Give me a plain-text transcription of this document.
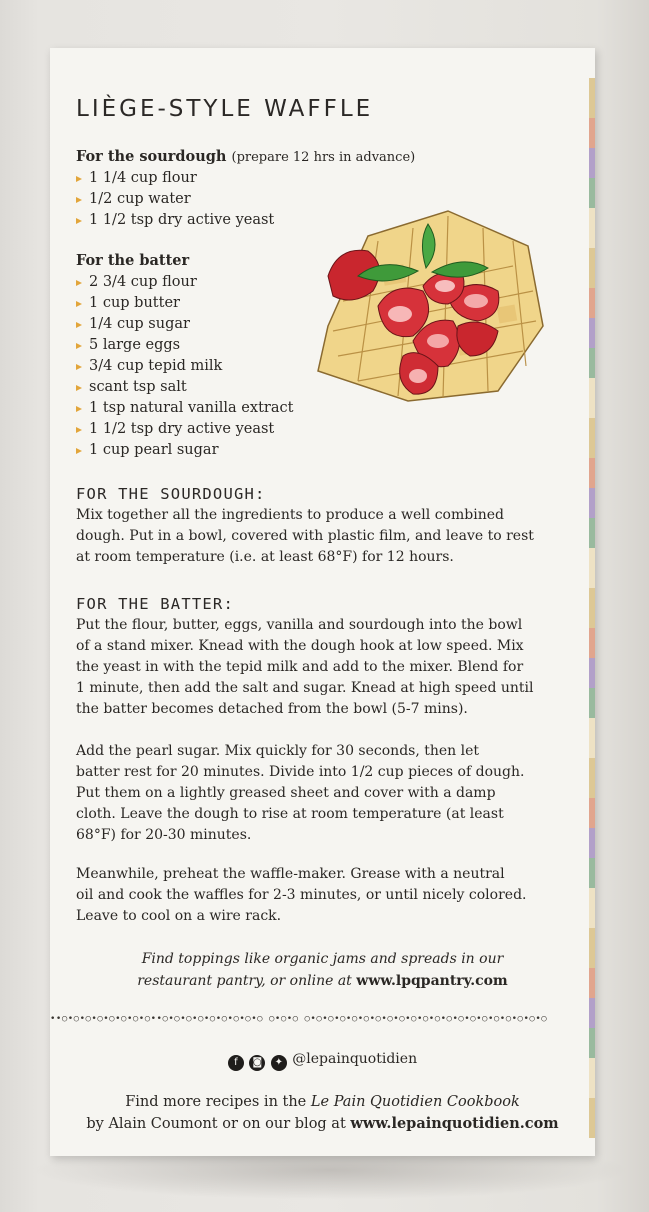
LIÈGE-STYLE WAFFLE
For the sourdough (prepare 12 hrs in advance)
1 1/4 cup flour
1/2 cup water
1 1/2 tsp dry active yeast
For the batter
2 3/4 cup flour
1 cup butter
1/4 cup sugar
5 large eggs
3/4 cup tepid milk
scant tsp salt
1 tsp natural vanilla extract
1 1/2 tsp dry active yeast
1 cup pearl sugar
FOR THE SOURDOUGH:

Mix together all the ingredients to produce a well combined
dough. Put in a bowl, covered with plastic film, and leave to rest
at room temperature (i.e. at least 68°F) for 12 hours.

FOR THE BATTER:

Put the flour, butter, eggs, vanilla and sourdough into the bowl
of a stand mixer. Knead with the dough hook at low speed. Mix
the yeast in with the tepid milk and add to the mixer. Blend for
1 minute, then add the salt and sugar. Knead at high speed until
the batter becomes detached from the bowl (5-7 mins).

Add the pearl sugar. Mix quickly for 30 seconds, then let
batter rest for 20 minutes. Divide into 1/2 cup pieces of dough.
Put them on a lightly greased sheet and cover with a damp
cloth. Leave the dough to rise at room temperature (at least
68°F) for 20-30 minutes.

Meanwhile, preheat the waffle-maker. Grease with a neutral
oil and cook the waffles for 2-3 minutes, or until nicely colored.
Leave to cool on a wire rack.

Find toppings like organic jams and spreads in our
restaurant pantry, or online at www.lpqpantry.com

••○•○•○•○•○•○•○•○••○•○•○•○•○•○•○•○•○ ○•○•○ ○•○•○•○•○•○•○•○•○•○•○•○•○•○•○•○•○•○•○•○•○
f ◙ ✦ @lepainquotidien

Find more recipes in the Le Pain Quotidien Cookbook
by Alain Coumont or on our blog at www.lepainquotidien.com
